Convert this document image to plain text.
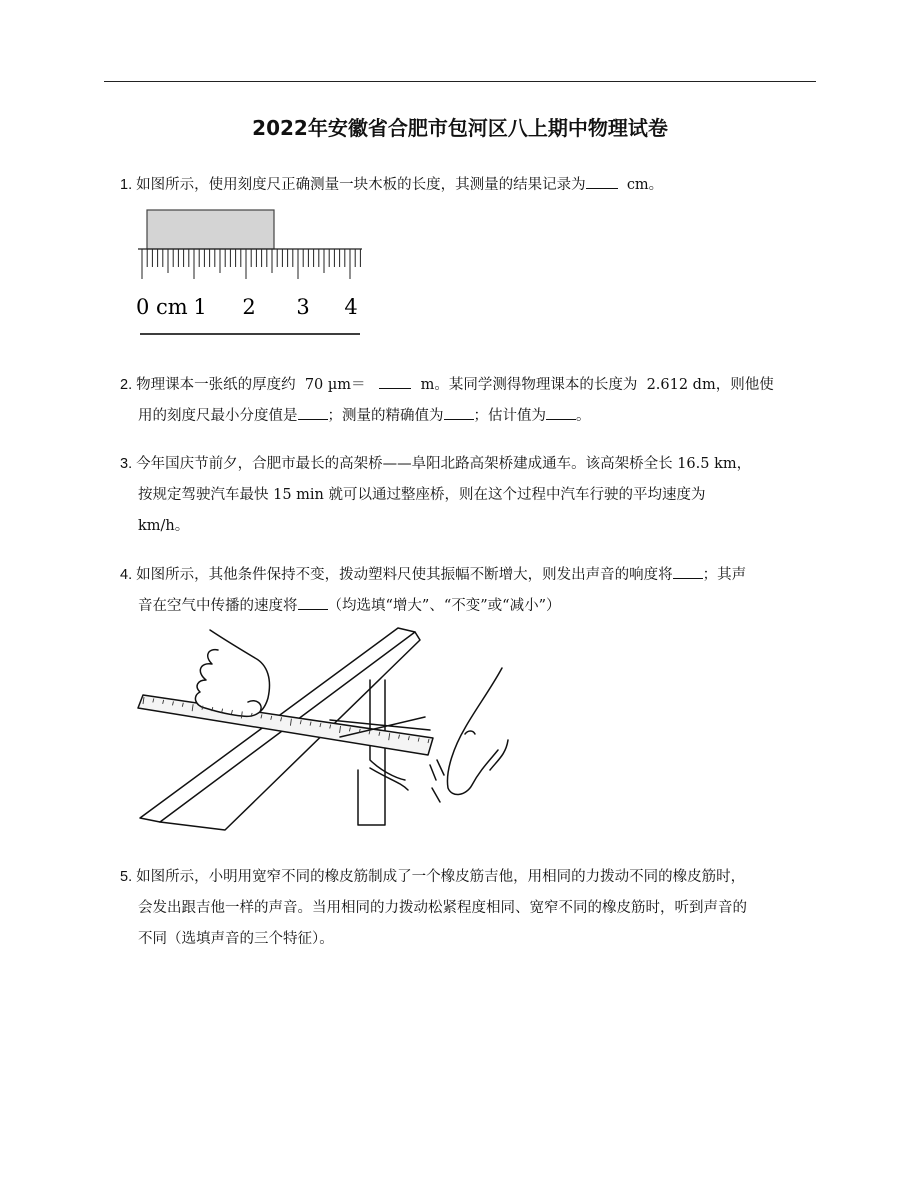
2022年安徽省合肥市包河区八上期中物理试卷
1. 如图所示，使用刻度尺正确测量一块木板的长度，其测量的结果记录为	cm。
0 cm 1 2 3 4
2. 物理课本一张纸的厚度约 70 µm＝	m。某同学测得物理课本的长度为 2.612 dm，则他使
用的刻度尺最小分度值是 ；测量的精确值为 ；估计值为 。
3. 今年国庆节前夕，合肥市最长的高架桥——阜阳北路高架桥建成通车。该高架桥全长 16.5 km，
按规定驾驶汽车最快 15 min 就可以通过整座桥，则在这个过程中汽车行驶的平均速度为
km/h。
4. 如图所示，其他条件保持不变，拨动塑料尺使其振幅不断增大，则发出声音的响度将 ；其声
音在空气中传播的速度将 （均选填“增大”、“不变”或“减小”）
5. 如图所示，小明用宽窄不同的橡皮筋制成了一个橡皮筋吉他，用相同的力拨动不同的橡皮筋时，
会发出跟吉他一样的声音。当用相同的力拨动松紧程度相同、宽窄不同的橡皮筋时，听到声音的
不同（选填声音的三个特征）。
